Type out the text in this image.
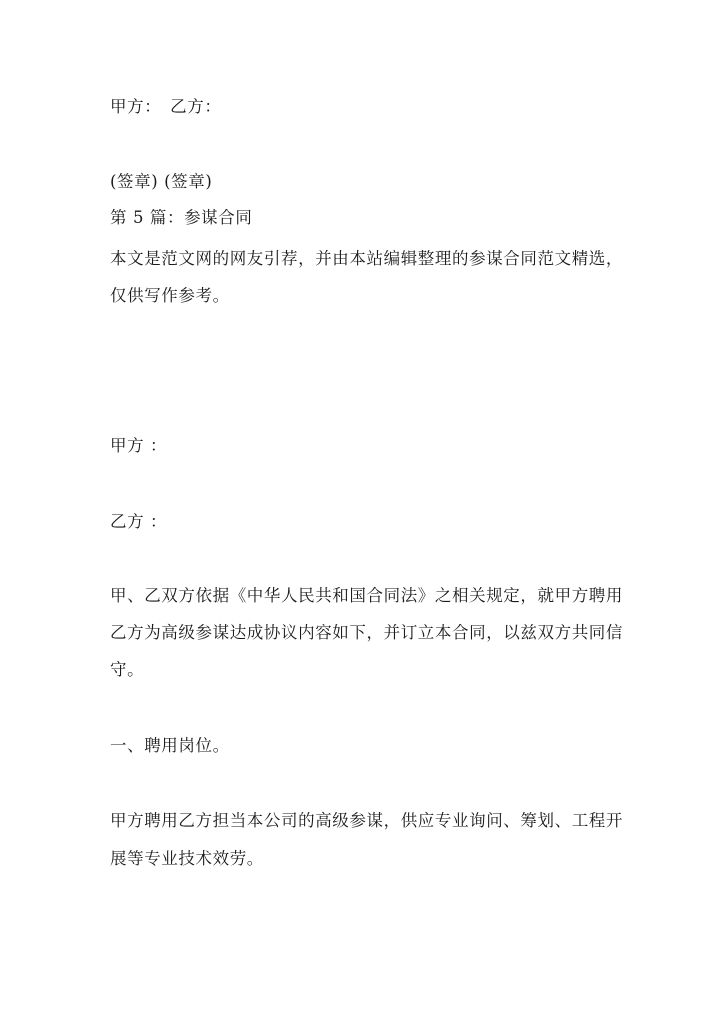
甲方：　乙方：
(签章) (签章)
第 5 篇：参谋合同
本文是范文网的网友引荐，并由本站编辑整理的参谋合同范文精选，
仅供写作参考。
甲方 ：
乙方 ：
甲、乙双方依据《中华人民共和国合同法》之相关规定，就甲方聘用
乙方为高级参谋达成协议内容如下，并订立本合同，以兹双方共同信
守。
一、聘用岗位。
甲方聘用乙方担当本公司的高级参谋，供应专业询问、筹划、工程开
展等专业技术效劳。
